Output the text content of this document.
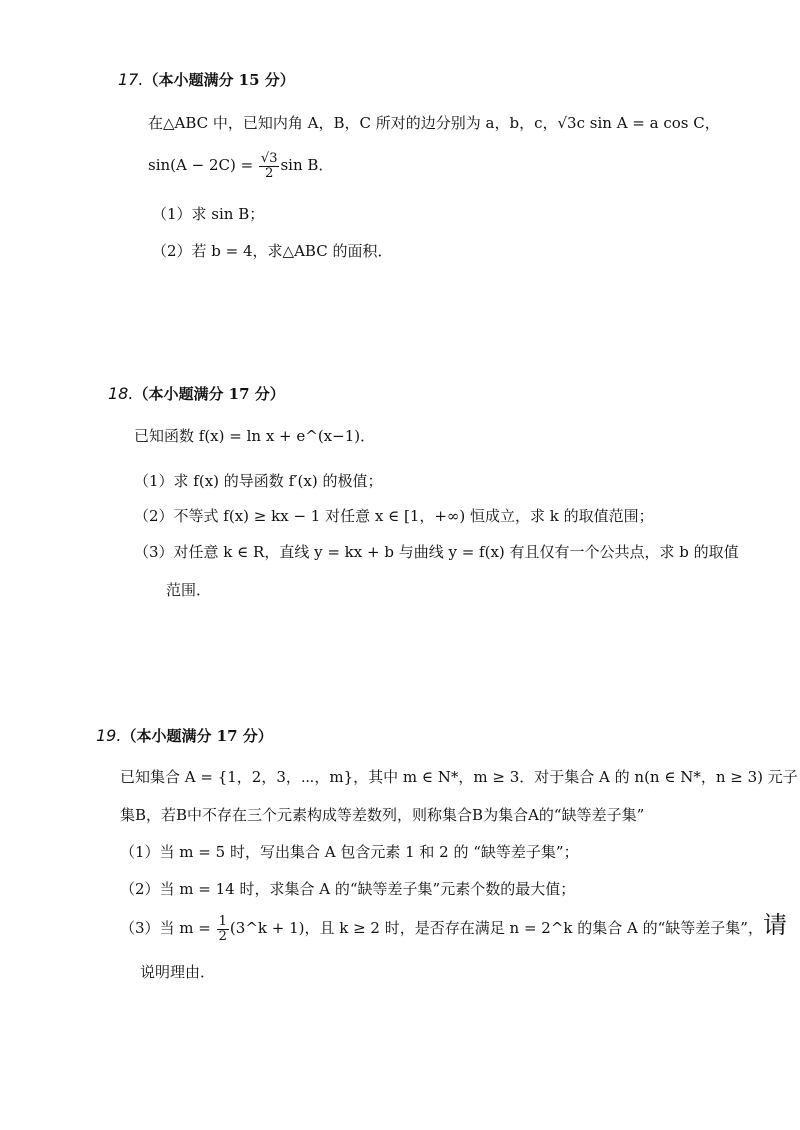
17.（本小题满分 15 分）
在△ABC 中，已知内角 A，B，C 所对的边分别为 a，b，c，√3c sin A = a cos C，
$\sin(A - 2C) = \frac{√3}{2}$ sin B．
（1）求 sin B；
（2）若 b = 4，求△ABC 的面积．
18.（本小题满分 17 分）
已知函数 f(x) = ln x + e^(x−1)．
（1）求 f(x) 的导函数 f′(x) 的极值；
（2）不等式 f(x) ≥ kx − 1 对任意 x ∈ [1，+∞) 恒成立，求 k 的取值范围；
（3）对任意 k ∈ R，直线 y = kx + b 与曲线 y = f(x) 有且仅有一个公共点，求 b 的取值
范围．
19.（本小题满分 17 分）
已知集合 A = {1，2，3，⋯，m}，其中 m ∈ N*，m ≥ 3．对于集合 A 的 n(n ∈ N*，n ≥ 3) 元子
集B，若B中不存在三个元素构成等差数列，则称集合B为集合A的“缺等差子集”
（1）当 m = 5 时，写出集合 A 包含元素 1 和 2 的 “缺等差子集”；
（2）当 m = 14 时，求集合 A 的“缺等差子集”元素个数的最大值；
（3）当 $m = \frac{1}{2}$ (3^k + 1)，且 k ≥ 2 时，是否存在满足 n = 2^k 的集合 A 的“缺等差子集”，请
说明理由．
